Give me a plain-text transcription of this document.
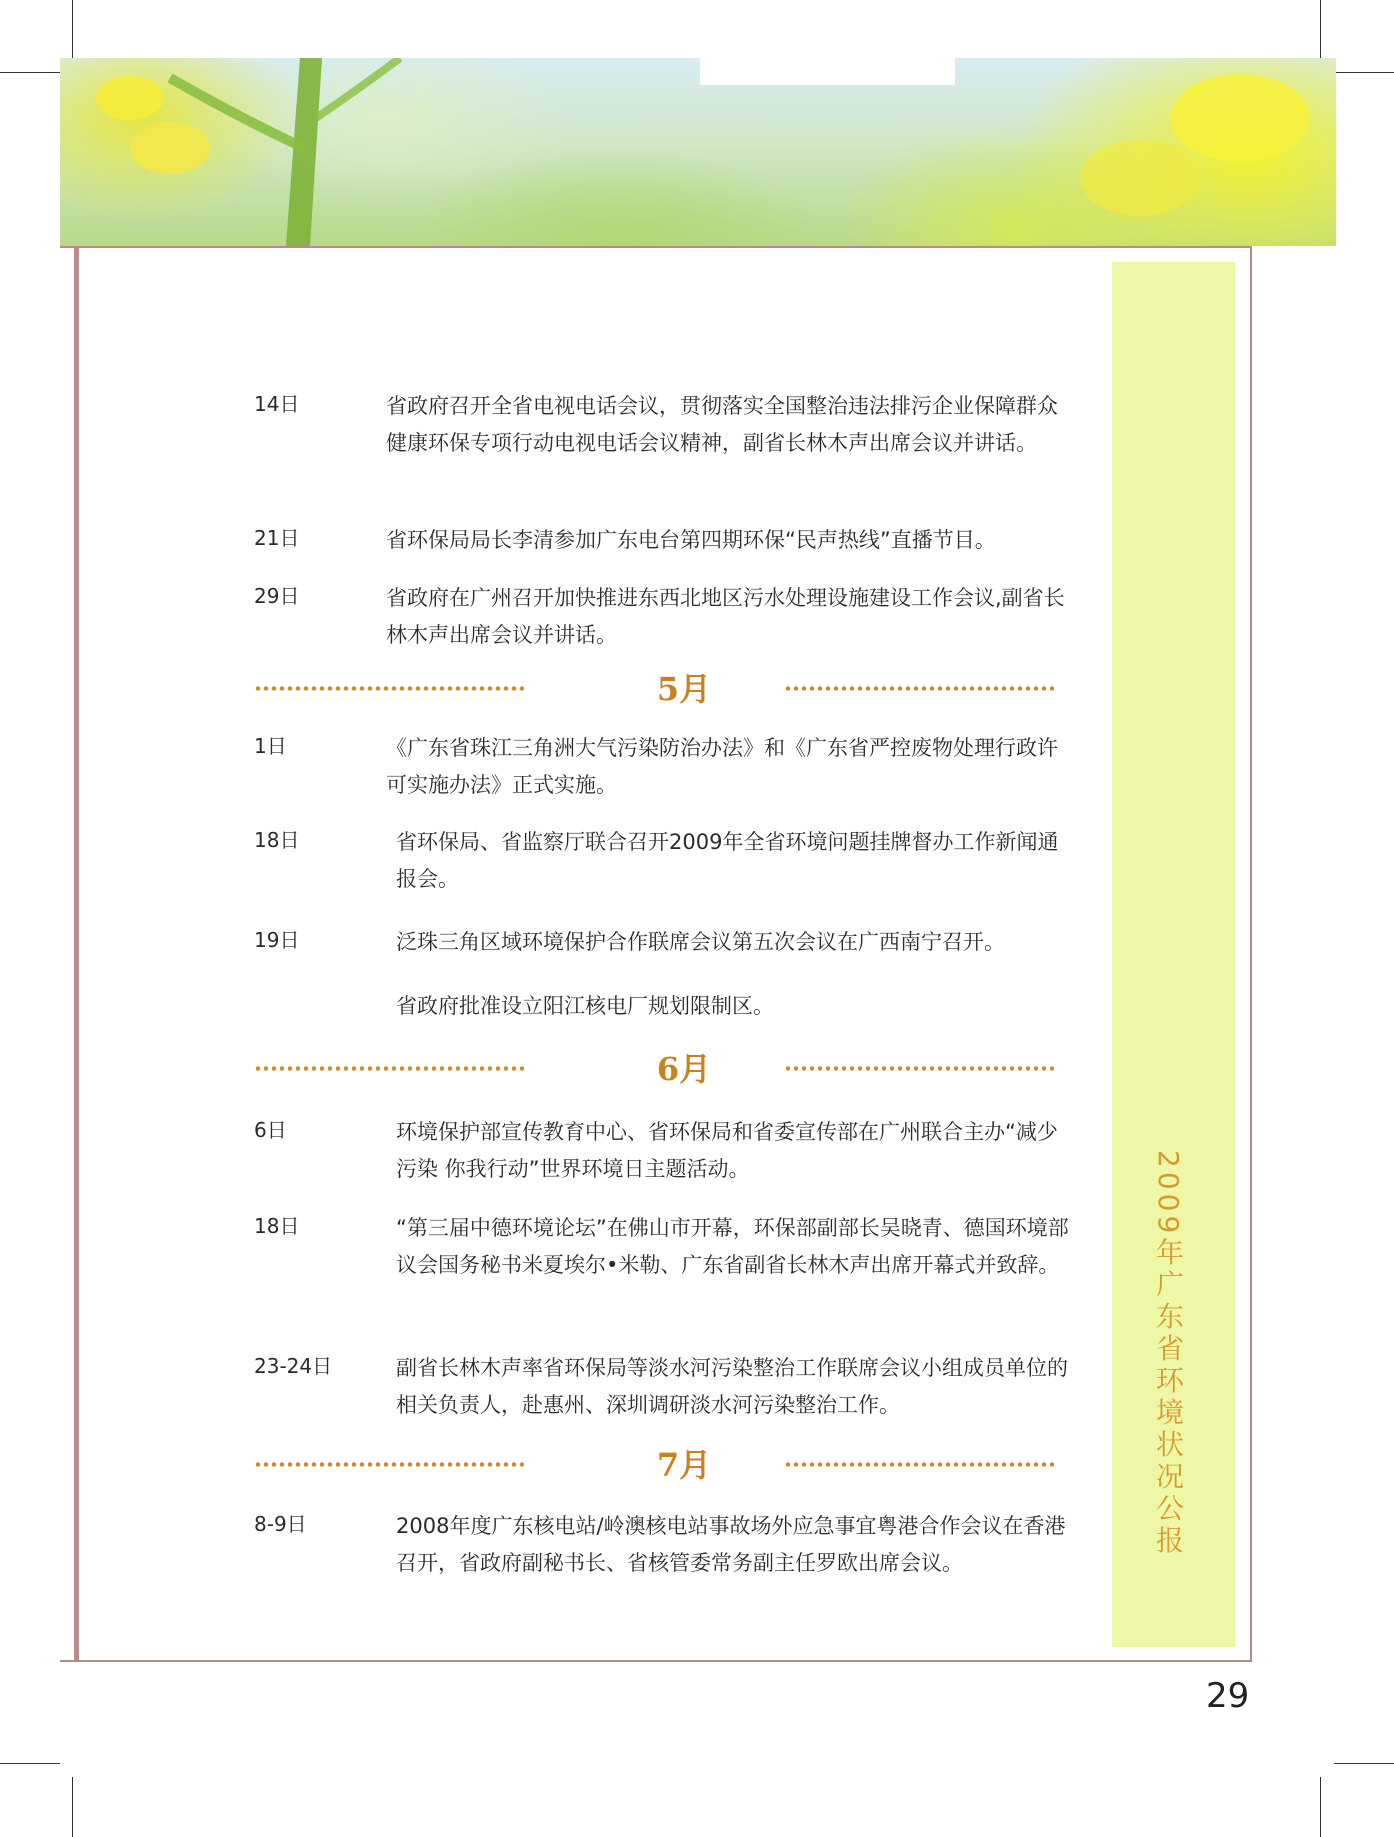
2009年广东省环境状况公报
14日	省政府召开全省电视电话会议，贯彻落实全国整治违法排污企业保障群众健康环保专项行动电视电话会议精神，副省长林木声出席会议并讲话。
21日	省环保局局长李清参加广东电台第四期环保“民声热线”直播节目。
29日	省政府在广州召开加快推进东西北地区污水处理设施建设工作会议,副省长林木声出席会议并讲话。
5月
1日	《广东省珠江三角洲大气污染防治办法》和《广东省严控废物处理行政许可实施办法》正式实施。
18日	省环保局、省监察厅联合召开2009年全省环境问题挂牌督办工作新闻通报会。
19日	泛珠三角区域环境保护合作联席会议第五次会议在广西南宁召开。
省政府批准设立阳江核电厂规划限制区。
6月
6日	环境保护部宣传教育中心、省环保局和省委宣传部在广州联合主办“减少污染 你我行动”世界环境日主题活动。
18日	“第三届中德环境论坛”在佛山市开幕，环保部副部长吴晓青、德国环境部议会国务秘书米夏埃尔•米勒、广东省副省长林木声出席开幕式并致辞。
23-24日	副省长林木声率省环保局等淡水河污染整治工作联席会议小组成员单位的相关负责人，赴惠州、深圳调研淡水河污染整治工作。
7月
8-9日	2008年度广东核电站/岭澳核电站事故场外应急事宜粤港合作会议在香港召开，省政府副秘书长、省核管委常务副主任罗欧出席会议。
29
